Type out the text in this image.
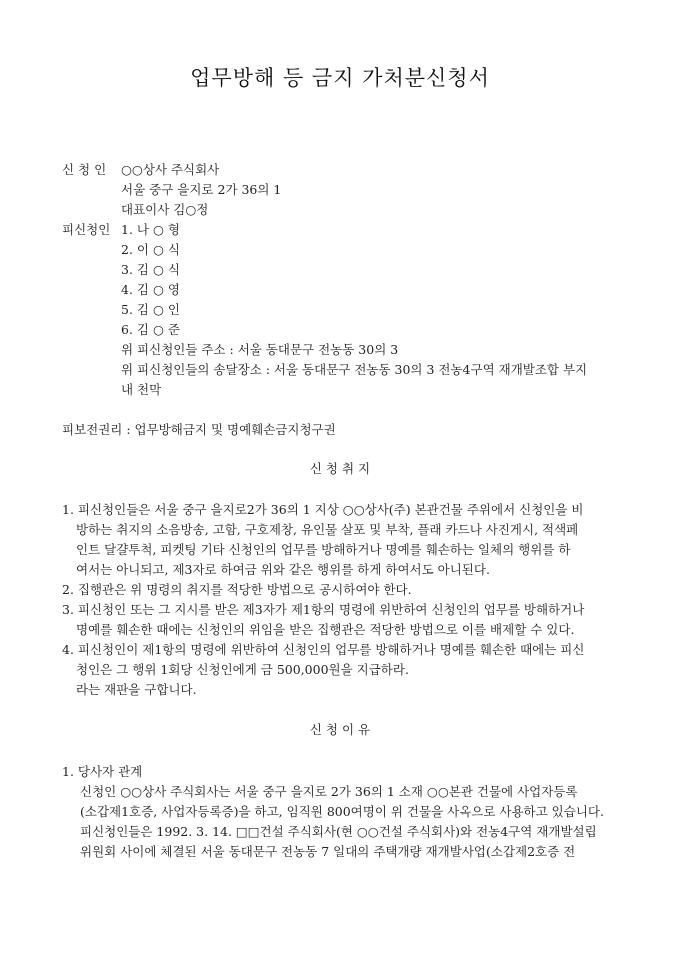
업무방해 등 금지 가처분신청서
신 청 인 ○○상사 주식회사
서울 중구 을지로 2가 36의 1
대표이사 김○정
피신청인 1. 나 ○ 형
2. 이 ○ 식
3. 김 ○ 식
4. 김 ○ 영
5. 김 ○ 인
6. 김 ○ 준
위 피신청인들 주소 : 서울 동대문구 전농동 30의 3
위 피신청인들의 송달장소 : 서울 동대문구 전농동 30의 3 전농4구역 재개발조합 부지
내 천막
피보전권리 : 업무방해금지 및 명예훼손금지청구권
신 청 취 지
1. 피신청인들은 서울 중구 을지로2가 36의 1 지상 ○○상사(주) 본관건물 주위에서 신청인을 비
방하는 취지의 소음방송, 고함, 구호제창, 유인물 살포 및 부착, 플래 카드나 사진게시, 적색페
인트 달걀투척, 피켓팅 기타 신청인의 업무를 방해하거나 명예를 훼손하는 일체의 행위를 하
여서는 아니되고, 제3자로 하여금 위와 같은 행위를 하게 하여서도 아니된다.
2. 집행관은 위 명령의 취지를 적당한 방법으로 공시하여야 한다.
3. 피신청인 또는 그 지시를 받은 제3자가 제1항의 명령에 위반하여 신청인의 업무를 방해하거나
명예를 훼손한 때에는 신청인의 위임을 받은 집행관은 적당한 방법으로 이를 배제할 수 있다.
4. 피신청인이 제1항의 명령에 위반하여 신청인의 업무를 방해하거나 명예를 훼손한 때에는 피신
청인은 그 행위 1회당 신청인에게 금 500,000원을 지급하라.
라는 재판을 구합니다.
신 청 이 유
1. 당사자 관계
신청인 ○○상사 주식회사는 서울 중구 을지로 2가 36의 1 소재 ○○본관 건물에 사업자등록
(소갑제1호증, 사업자등록증)을 하고, 임직원 800여명이 위 건물을 사옥으로 사용하고 있습니다.
피신청인들은 1992. 3. 14. □□건설 주식회사(현 ○○건설 주식회사)와 전농4구역 재개발설립
위원회 사이에 체결된 서울 동대문구 전농동 7 일대의 주택개량 재개발사업(소갑제2호증 전
